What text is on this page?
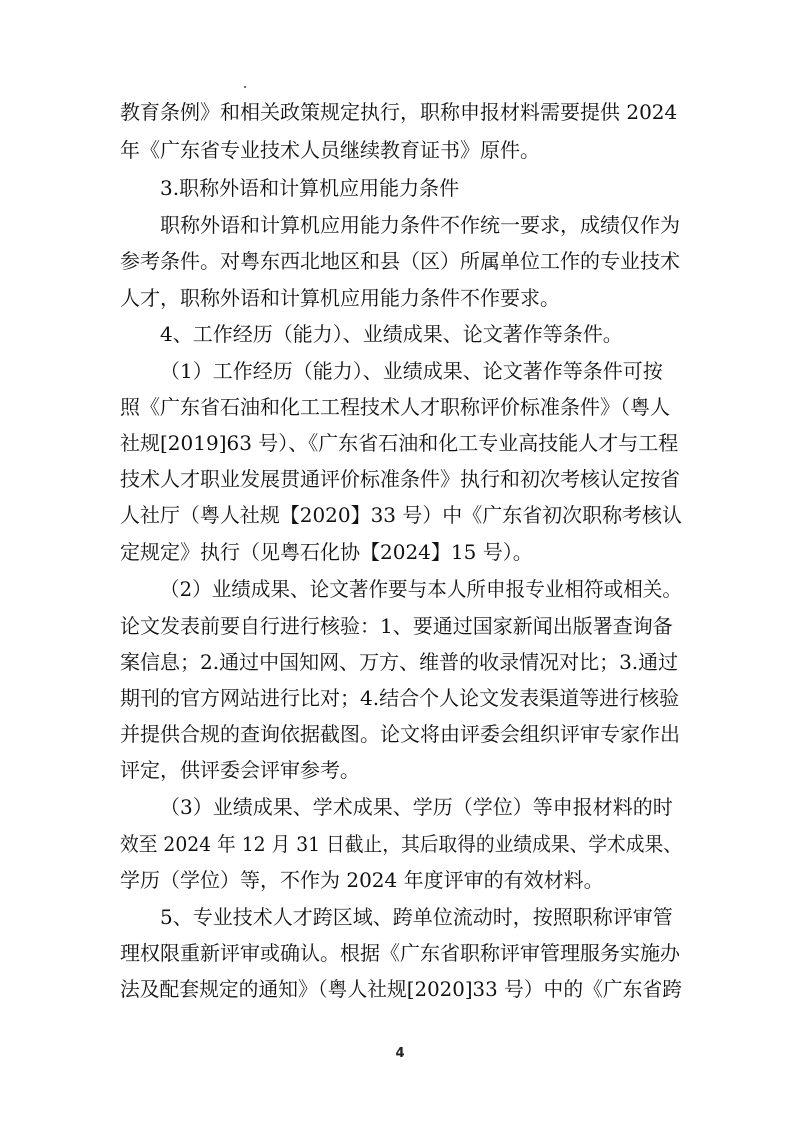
教育条例》和相关政策规定执行，职称申报材料需要提供 2024
年《广东省专业技术人员继续教育证书》原件。
3.职称外语和计算机应用能力条件
职称外语和计算机应用能力条件不作统一要求，成绩仅作为
参考条件。对粤东西北地区和县（区）所属单位工作的专业技术
人才，职称外语和计算机应用能力条件不作要求。
4、工作经历（能力）、业绩成果、论文著作等条件。
（1）工作经历（能力）、业绩成果、论文著作等条件可按
照《广东省石油和化工工程技术人才职称评价标准条件》（粤人
社规[2019]63 号）、《广东省石油和化工专业高技能人才与工程
技术人才职业发展贯通评价标准条件》执行和初次考核认定按省
人社厅（粤人社规【2020】33 号）中《广东省初次职称考核认
定规定》执行（见粤石化协【2024】15 号）。
（2）业绩成果、论文著作要与本人所申报专业相符或相关。
论文发表前要自行进行核验：1、要通过国家新闻出版署查询备
案信息；2.通过中国知网、万方、维普的收录情况对比；3.通过
期刊的官方网站进行比对；4.结合个人论文发表渠道等进行核验
并提供合规的查询依据截图。论文将由评委会组织评审专家作出
评定，供评委会评审参考。
（3）业绩成果、学术成果、学历（学位）等申报材料的时
效至 2024 年 12 月 31 日截止，其后取得的业绩成果、学术成果、
学历（学位）等，不作为 2024 年度评审的有效材料。
5、专业技术人才跨区域、跨单位流动时，按照职称评审管
理权限重新评审或确认。根据《广东省职称评审管理服务实施办
法及配套规定的通知》（粤人社规[2020]33 号）中的《广东省跨
4
